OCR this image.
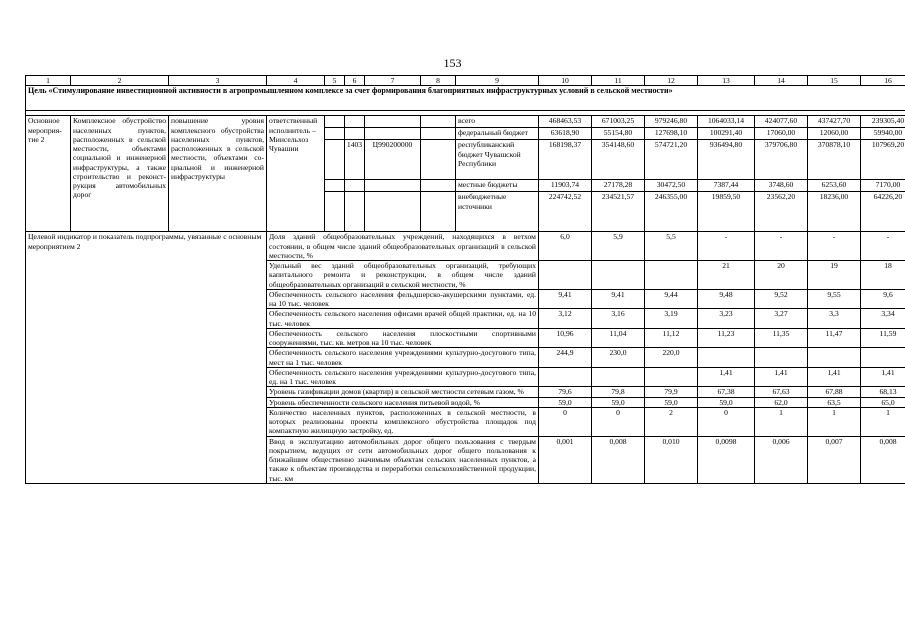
153
1	2	3	4	5	6	7	8	9	10	11	12	13	14	15	16
Цель «Стимулирование инвестиционной активности в агропромышленном комплексе за счет формирования благоприятных инфраструктурных условий в сельской местности»															

Основное мероприятие 2	Комплексное обустройство населенных пунктов, расположенных в сельской местности, объектами социальной и инженерной инфраструктуры, а также строительство и реконструкция автомобильных дорог	повышение уровня комплексного обустройства населенных пунктов, расположенных в сельской местности, объектами социальной и инженерной инфраструктуры	ответственный исполнитель – Минсельхоз Чувашии					всего	468463,53	671003,25	979246,80	1064033,14	424077,60	437427,70	239305,40
								федеральный бюджет	63618,90	55154,80	127698,10	100291,40	17060,00	12060,00	59940,00
					1403	Ц990200000		республиканский бюджет Чувашской Республики	168198,37	354148,60	574721,20	936494,80	379706,80	370878,10	107969,20
								местные бюджеты	11903,74	27178,28	30472,50	7387,44	3748,60	6253,60	7170,00
								внебюджетные источники	224742,52	234521,57	246355,00	19859,50	23562,20	18236,00	64226,20
Целевой индикатор и показатель подпрограммы, увязанные с основным мероприятием 2			Доля зданий общеобразовательных учреждений, находящихся в ветхом состоянии, в общем числе зданий общеобразовательных организаций в сельской местности, %						6,0	5,9	5,5	-	-	-	-
			Удельный вес зданий общеобразовательных организаций, требующих капитального ремонта и реконструкции, в общем числе зданий общеобразовательных организаций в сельской местности, %									21	20	19	18
			Обеспеченность сельского населения фельдшерско-акушерскими пунктами, ед. на 10 тыс. человек						9,41	9,41	9,44	9,48	9,52	9,55	9,6
			Обеспеченность сельского населения офисами врачей общей практики, ед. на 10 тыс. человек						3,12	3,16	3,19	3,23	3,27	3,3	3,34
			Обеспеченность сельского населения плоскостными спортивными сооружениями, тыс. кв. метров на 10 тыс. человек						10,96	11,04	11,12	11,23	11,35	11,47	11,59
			Обеспеченность сельского населения учреждениями культурно-досугового типа, мест на 1 тыс. человек						244,9	230,0	220,0				
			Обеспеченность сельского населения учреждениями культурно-досугового типа, ед. на 1 тыс. человек									1,41	1,41	1,41	1,41
			Уровень газификации домов (квартир) в сельской местности сетевым газом, %						79,6	79,8	79,9	67,38	67,63	67,88	68,13
			Уровень обеспеченности сельского населения питьевой водой, %						59,0	59,0	59,0	59,0	62,0	63,5	65,0
			Количество населенных пунктов, расположенных в сельской местности, в которых реализованы проекты комплексного обустройства площадок под компактную жилищную застройку, ед.						0	0	2	0	1	1	1
			Ввод в эксплуатацию автомобильных дорог общего пользования с твердым покрытием, ведущих от сети автомобильных дорог общего пользования к ближайшим общественно значимым объектам сельских населенных пунктов, а также к объектам производства и переработки сельскохозяйственной продукции, тыс. км						0,001	0,008	0,010	0,0098	0,006	0,007	0,008
